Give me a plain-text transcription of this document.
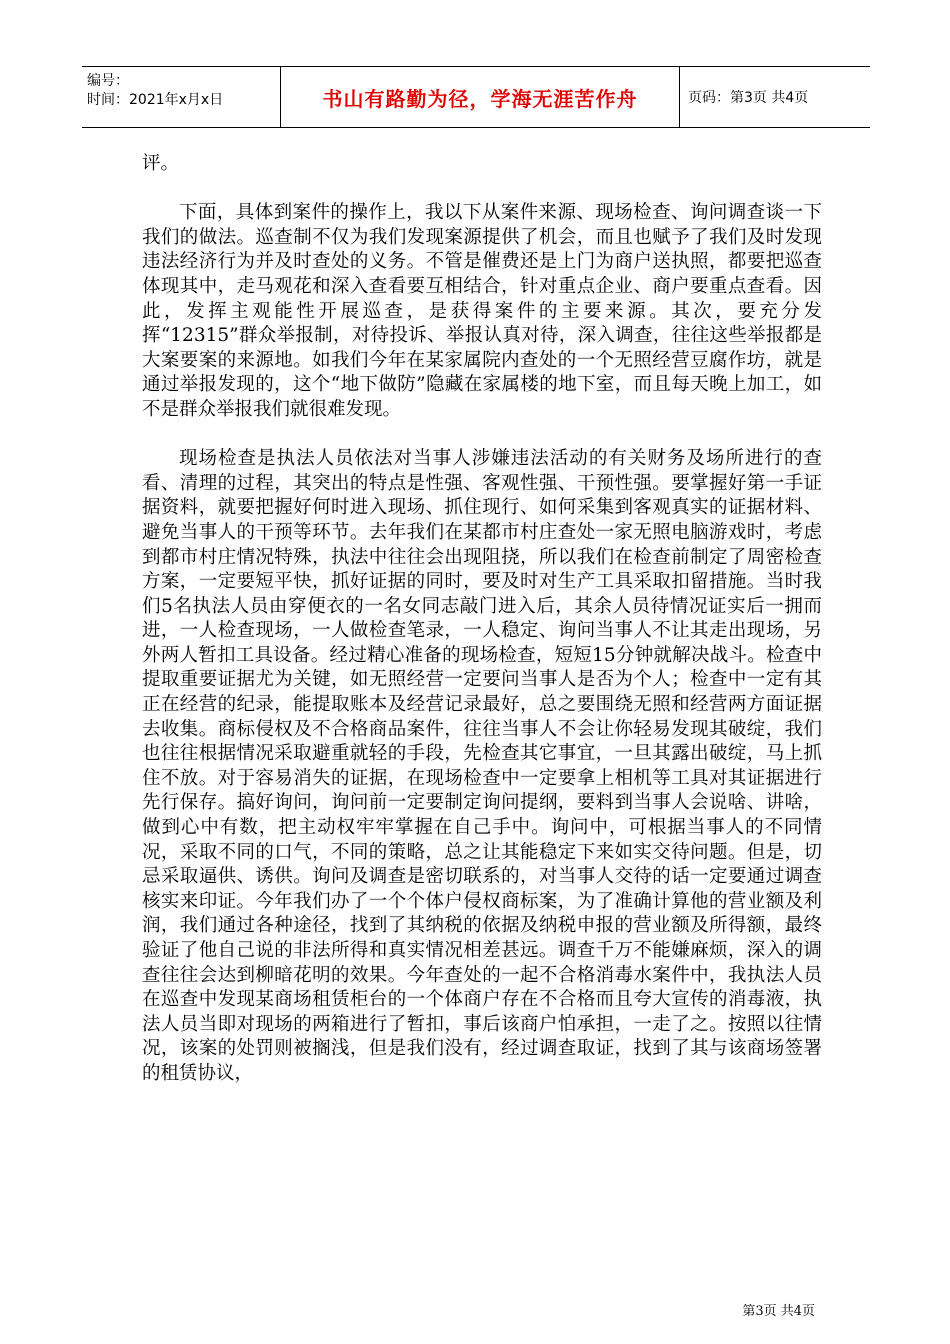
编号：
时间：2021年x月x日	书山有路勤为径，学海无涯苦作舟	页码：第3页 共4页

评。

下面，具体到案件的操作上，我以下从案件来源、现场检查、询问调查谈一下我们的做法。巡查制不仅为我们发现案源提供了机会，而且也赋予了我们及时发现违法经济行为并及时查处的义务。不管是催费还是上门为商户送执照，都要把巡查体现其中，走马观花和深入查看要互相结合，针对重点企业、商户要重点查看。因此，发挥主观能性开展巡查，是获得案件的主要来源。其次，要充分发挥“12315”群众举报制，对待投诉、举报认真对待，深入调查，往往这些举报都是大案要案的来源地。如我们今年在某家属院内查处的一个无照经营豆腐作坊，就是通过举报发现的，这个“地下做防”隐藏在家属楼的地下室，而且每天晚上加工，如不是群众举报我们就很难发现。

现场检查是执法人员依法对当事人涉嫌违法活动的有关财务及场所进行的查看、清理的过程，其突出的特点是性强、客观性强、干预性强。要掌握好第一手证据资料，就要把握好何时进入现场、抓住现行、如何采集到客观真实的证据材料、避免当事人的干预等环节。去年我们在某都市村庄查处一家无照电脑游戏时，考虑到都市村庄情况特殊，执法中往往会出现阻挠，所以我们在检查前制定了周密检查方案，一定要短平快，抓好证据的同时，要及时对生产工具采取扣留措施。当时我们5名执法人员由穿便衣的一名女同志敲门进入后，其余人员待情况证实后一拥而进，一人检查现场，一人做检查笔录，一人稳定、询问当事人不让其走出现场，另外两人暂扣工具设备。经过精心准备的现场检查，短短15分钟就解决战斗。检查中提取重要证据尤为关键，如无照经营一定要问当事人是否为个人；检查中一定有其正在经营的纪录，能提取账本及经营记录最好，总之要围绕无照和经营两方面证据去收集。商标侵权及不合格商品案件，往往当事人不会让你轻易发现其破绽，我们也往往根据情况采取避重就轻的手段，先检查其它事宜，一旦其露出破绽，马上抓住不放。对于容易消失的证据，在现场检查中一定要拿上相机等工具对其证据进行先行保存。搞好询问，询问前一定要制定询问提纲，要料到当事人会说啥、讲啥，做到心中有数，把主动权牢牢掌握在自己手中。询问中，可根据当事人的不同情况，采取不同的口气，不同的策略，总之让其能稳定下来如实交待问题。但是，切忌采取逼供、诱供。询问及调查是密切联系的，对当事人交待的话一定要通过调查核实来印证。今年我们办了一个个体户侵权商标案，为了准确计算他的营业额及利润，我们通过各种途径，找到了其纳税的依据及纳税申报的营业额及所得额，最终验证了他自己说的非法所得和真实情况相差甚远。调查千万不能嫌麻烦，深入的调查往往会达到柳暗花明的效果。今年查处的一起不合格消毒水案件中，我执法人员在巡查中发现某商场租赁柜台的一个体商户存在不合格而且夸大宣传的消毒液，执法人员当即对现场的两箱进行了暂扣，事后该商户怕承担，一走了之。按照以往情况，该案的处罚则被搁浅，但是我们没有，经过调查取证，找到了其与该商场签署的租赁协议，

第3页 共4页
